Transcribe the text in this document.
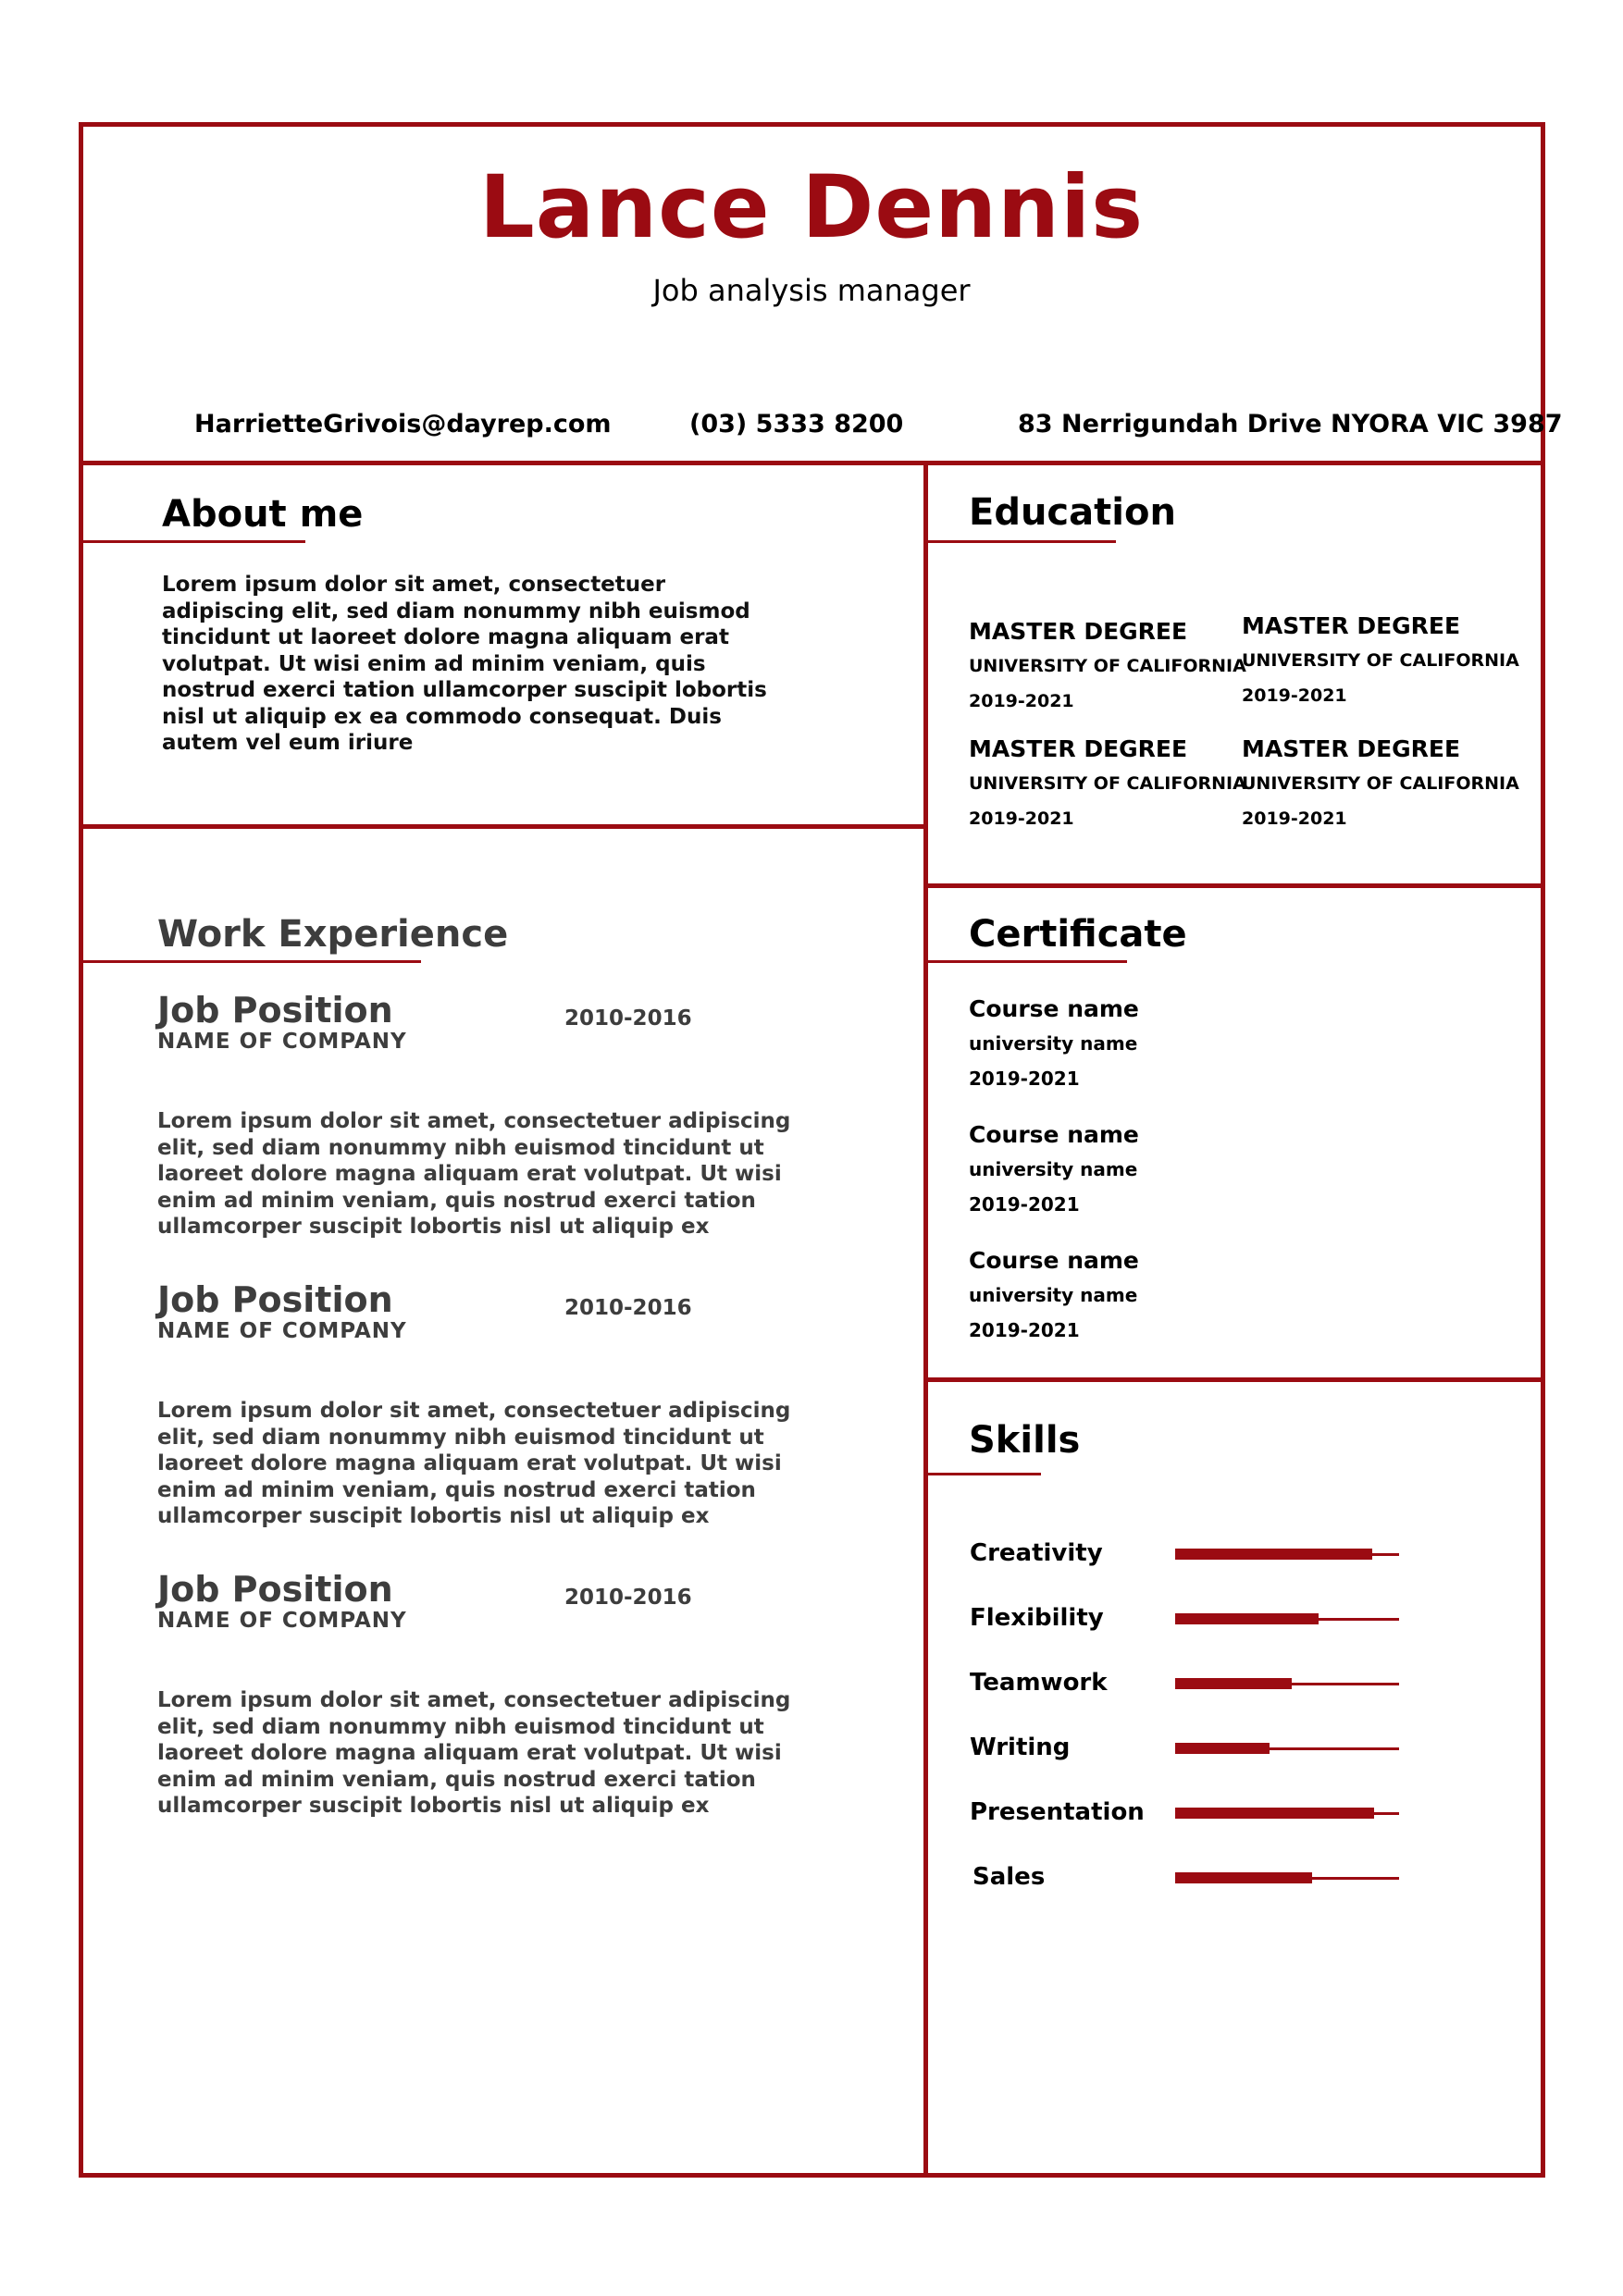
Lance Dennis
Job analysis manager
HarrietteGrivois@dayrep.com	(03) 5333 8200	83 Nerrigundah Drive NYORA VIC 3987
About me
Lorem ipsum dolor sit amet, consectetuer adipiscing elit, sed diam nonummy nibh euismod tincidunt ut laoreet dolore magna aliquam erat volutpat. Ut wisi enim ad minim veniam, quis nostrud exerci tation ullamcorper suscipit lobortis nisl ut aliquip ex ea commodo consequat. Duis autem vel eum iriure
Work Experience
Job Position	2010-2016
NAME OF COMPANY
Lorem ipsum dolor sit amet, consectetuer adipiscing elit, sed diam nonummy nibh euismod tincidunt ut laoreet dolore magna aliquam erat volutpat. Ut wisi enim ad minim veniam, quis nostrud exerci tation ullamcorper suscipit lobortis nisl ut aliquip ex
Job Position	2010-2016
NAME OF COMPANY
Lorem ipsum dolor sit amet, consectetuer adipiscing elit, sed diam nonummy nibh euismod tincidunt ut laoreet dolore magna aliquam erat volutpat. Ut wisi enim ad minim veniam, quis nostrud exerci tation ullamcorper suscipit lobortis nisl ut aliquip ex
Job Position	2010-2016
NAME OF COMPANY
Lorem ipsum dolor sit amet, consectetuer adipiscing elit, sed diam nonummy nibh euismod tincidunt ut laoreet dolore magna aliquam erat volutpat. Ut wisi enim ad minim veniam, quis nostrud exerci tation ullamcorper suscipit lobortis nisl ut aliquip ex
Education
MASTER DEGREE
UNIVERSITY OF CALIFORNIA
2019-2021
MASTER DEGREE
UNIVERSITY OF CALIFORNIA
2019-2021
MASTER DEGREE
UNIVERSITY OF CALIFORNIA
2019-2021
MASTER DEGREE
UNIVERSITY OF CALIFORNIA
2019-2021
Certificate
Course name
university name
2019-2021
Course name
university name
2019-2021
Course name
university name
2019-2021
Skills
Creativity
Flexibility
Teamwork
Writing
Presentation
Sales
